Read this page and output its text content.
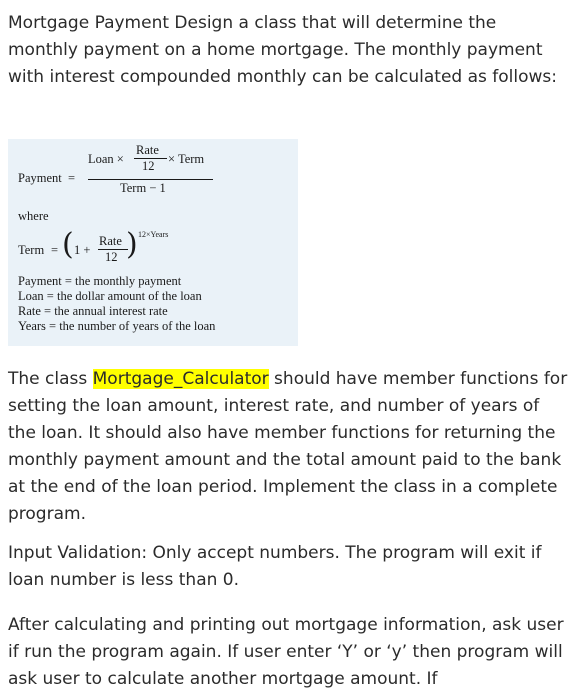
Mortgage Payment Design a class that will determine the monthly payment on a home mortgage. The monthly payment with interest compounded monthly can be calculated as follows:

Payment =
Loan ×
Rate
12 × Term
Term − 1
where
Term = ( 1 +
Rate
12 ) 12×Years
Payment = the monthly payment
Loan = the dollar amount of the loan
Rate = the annual interest rate
Years = the number of years of the loan

The class Mortgage_Calculator should have member functions for setting the loan amount, interest rate, and number of years of the loan. It should also have member functions for returning the monthly payment amount and the total amount paid to the bank at the end of the loan period. Implement the class in a complete program.

Input Validation: Only accept numbers. The program will exit if loan number is less than 0.

After calculating and printing out mortgage information, ask user if run the program again. If user enter ‘Y’ or ‘y’ then program will ask user to calculate another mortgage amount. If
